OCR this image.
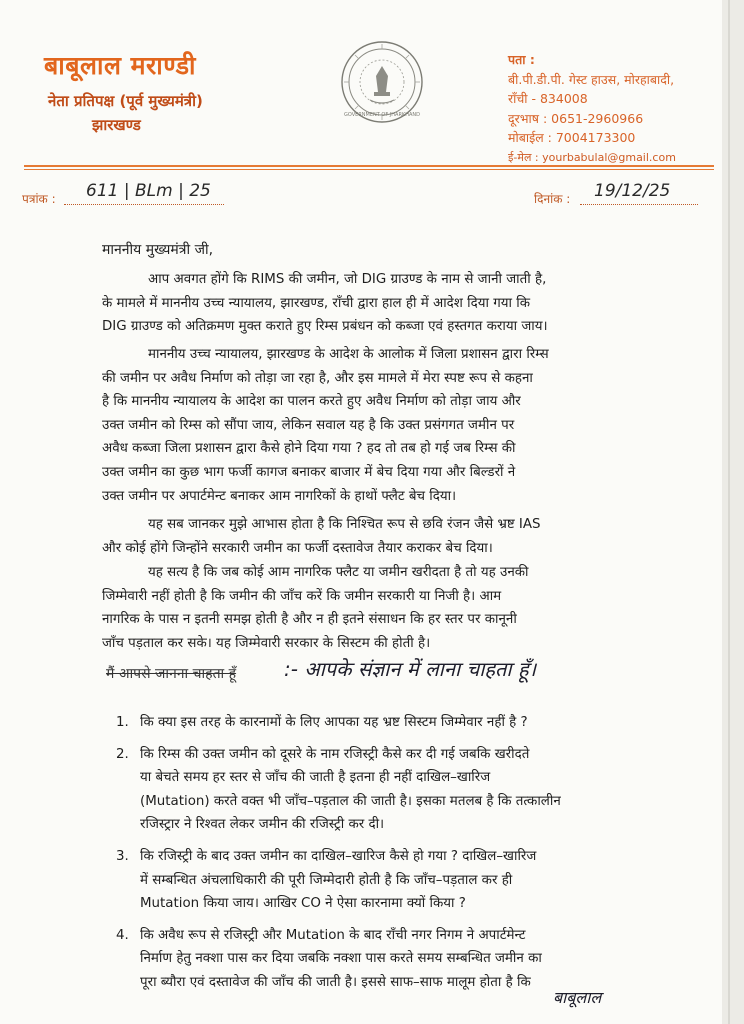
बाबूलाल मराण्डी
नेता प्रतिपक्ष (पूर्व मुख्यमंत्री)
झारखण्ड
GOVERNMENT OF JHARKHAND
पता :
बी.पी.डी.पी. गेस्ट हाउस, मोरहाबादी,
राँची - 834008
दूरभाष : 0651-2960966
मोबाईल : 7004173300
ई-मेल : yourbabulal@gmail.com
पत्रांक : 611 | BLm | 25	दिनांक : 19/12/25
माननीय मुख्यमंत्री जी,
आप अवगत होंगे कि RIMS की जमीन, जो DIG ग्राउण्ड के नाम से जानी जाती है,
के मामले में माननीय उच्च न्यायालय, झारखण्ड, राँची द्वारा हाल ही में आदेश दिया गया कि
DIG ग्राउण्ड को अतिक्रमण मुक्त कराते हुए रिम्स प्रबंधन को कब्जा एवं हस्तगत कराया जाय।
माननीय उच्च न्यायालय, झारखण्ड के आदेश के आलोक में जिला प्रशासन द्वारा रिम्स
की जमीन पर अवैध निर्माण को तोड़ा जा रहा है, और इस मामले में मेरा स्पष्ट रूप से कहना
है कि माननीय न्यायालय के आदेश का पालन करते हुए अवैध निर्माण को तोड़ा जाय और
उक्त जमीन को रिम्स को सौंपा जाय, लेकिन सवाल यह है कि उक्त प्रसंगगत जमीन पर
अवैध कब्जा जिला प्रशासन द्वारा कैसे होने दिया गया ? हद तो तब हो गई जब रिम्स की
उक्त जमीन का कुछ भाग फर्जी कागज बनाकर बाजार में बेच दिया गया और बिल्डरों ने
उक्त जमीन पर अपार्टमेन्ट बनाकर आम नागरिकों के हाथों फ्लैट बेच दिया।
यह सब जानकर मुझे आभास होता है कि निश्चित रूप से छवि रंजन जैसे भ्रष्ट IAS
और कोई होंगे जिन्होंने सरकारी जमीन का फर्जी दस्तावेज तैयार कराकर बेच दिया।
यह सत्य है कि जब कोई आम नागरिक फ्लैट या जमीन खरीदता है तो यह उनकी
जिम्मेवारी नहीं होती है कि जमीन की जाँच करें कि जमीन सरकारी या निजी है। आम
नागरिक के पास न इतनी समझ होती है और न ही इतने संसाधन कि हर स्तर पर कानूनी
जाँच पड़ताल कर सके। यह जिम्मेवारी सरकार के सिस्टम की होती है।
मैं आपसे जानना चाहता हूँ :- आपके संज्ञान में लाना चाहता हूँ।
1. कि क्या इस तरह के कारनामों के लिए आपका यह भ्रष्ट सिस्टम जिम्मेवार नहीं है ?
2. कि रिम्स की उक्त जमीन को दूसरे के नाम रजिस्ट्री कैसे कर दी गई जबकि खरीदते
या बेचते समय हर स्तर से जाँच की जाती है इतना ही नहीं दाखिल–खारिज
(Mutation) करते वक्त भी जाँच–पड़ताल की जाती है। इसका मतलब है कि तत्कालीन
रजिस्ट्रार ने रिश्वत लेकर जमीन की रजिस्ट्री कर दी।
3. कि रजिस्ट्री के बाद उक्त जमीन का दाखिल–खारिज कैसे हो गया ? दाखिल–खारिज
में सम्बन्धित अंचलाधिकारी की पूरी जिम्मेदारी होती है कि जाँच–पड़ताल कर ही
Mutation किया जाय। आखिर CO ने ऐसा कारनामा क्यों किया ?
4. कि अवैध रूप से रजिस्ट्री और Mutation के बाद राँची नगर निगम ने अपार्टमेन्ट
निर्माण हेतु नक्शा पास कर दिया जबकि नक्शा पास करते समय सम्बन्धित जमीन का
पूरा ब्यौरा एवं दस्तावेज की जाँच की जाती है। इससे साफ–साफ मालूम होता है कि
बाबूलाल
